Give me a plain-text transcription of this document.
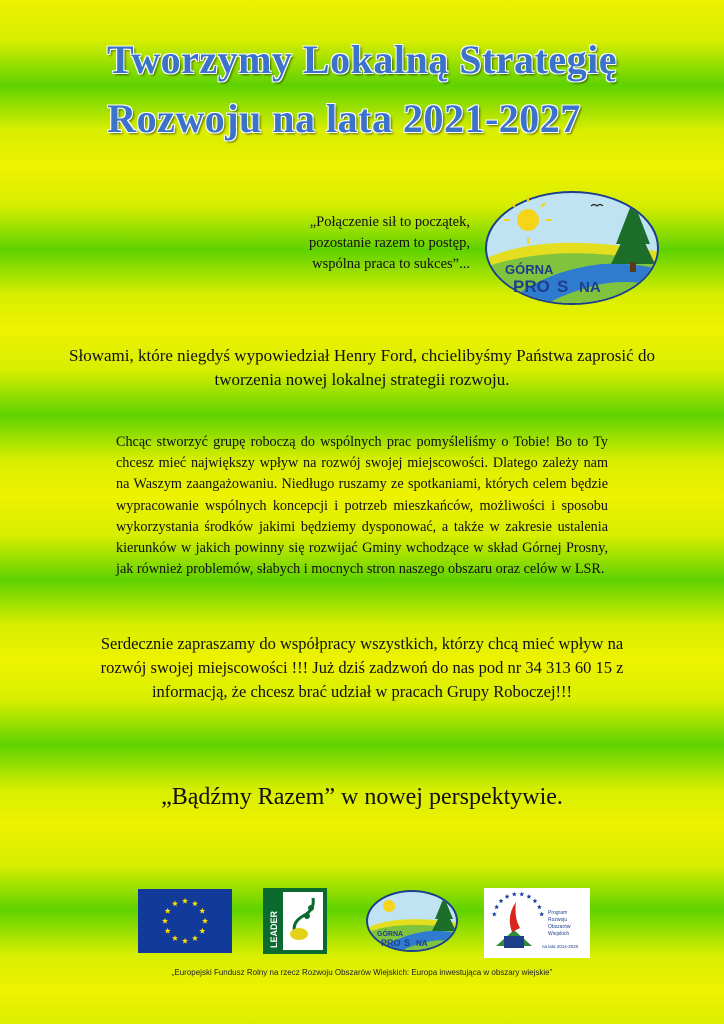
Tworzymy Lokalną Strategię
Rozwoju na lata 2021-2027
„Połączenie sił to początek,
pozostanie razem to postęp,
wspólna praca to sukces”...	GÓRNA
PRO S NA
Słowami, które niegdyś wypowiedział Henry Ford, chcielibyśmy Państwa zaprosić do tworzenia nowej lokalnej strategii rozwoju.
Chcąc stworzyć grupę roboczą do wspólnych prac pomyśleliśmy o Tobie! Bo to Ty chcesz mieć największy wpływ na rozwój swojej miejscowości. Dlatego zależy nam na Waszym zaangażowaniu. Niedługo ruszamy ze spotkaniami, których celem będzie wypracowanie wspólnych koncepcji i potrzeb mieszkańców, możliwości i sposobu wykorzystania środków jakimi będziemy dysponować, a także w zakresie ustalenia kierunków w jakich powinny się rozwijać Gminy wchodzące w skład Górnej Prosny, jak również problemów, słabych i mocnych stron naszego obszaru oraz celów w LSR.
Serdecznie zapraszamy do współpracy wszystkich, którzy chcą mieć wpływ na rozwój swojej miejscowości !!! Już dziś zadzwoń do nas pod nr 34 313 60 15 z informacją, że chcesz brać udział w pracach Grupy Roboczej!!!
„Bądźmy Razem” w nowej perspektywie.
LEADER	GÓRNA
PRO S NA
Program
Rozwoju
Obszarów
Wiejskich
na lata 2014-2020
„Europejski Fundusz Rolny na rzecz Rozwoju Obszarów Wiejskich: Europa inwestująca w obszary wiejskie”
